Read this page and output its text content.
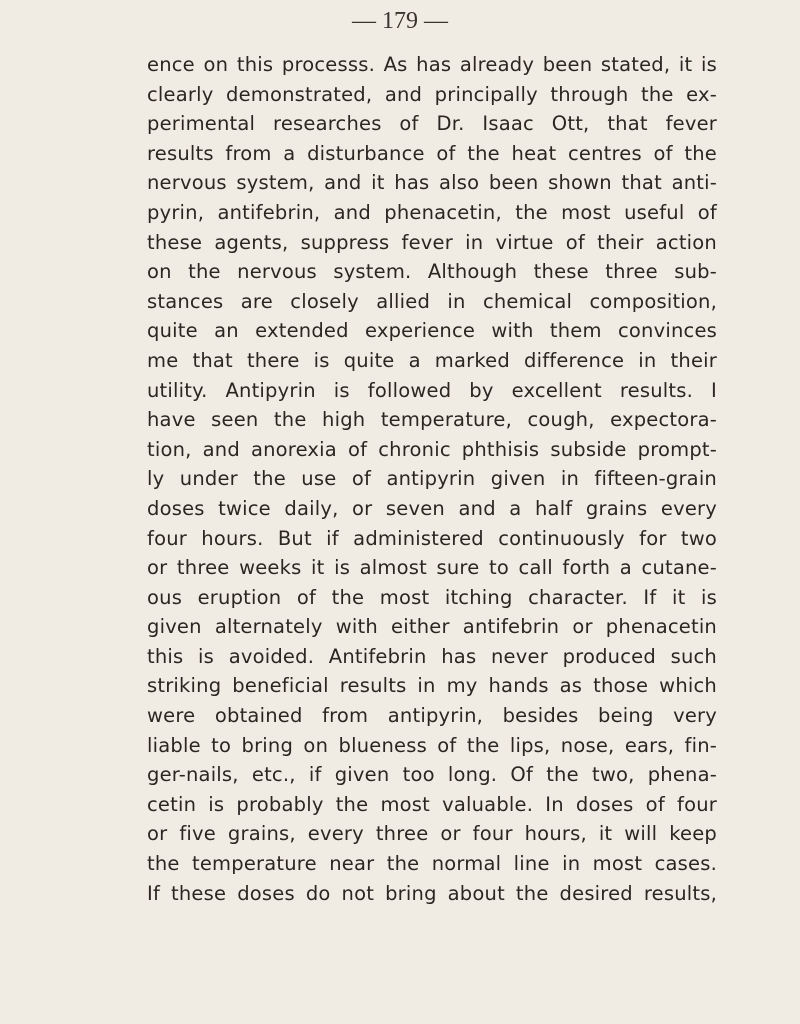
— 179 —
ence on this processs. As has already been stated, it is
clearly demonstrated, and principally through the ex-
perimental researches of Dr. Isaac Ott, that fever
results from a disturbance of the heat centres of the
nervous system, and it has also been shown that anti-
pyrin, antifebrin, and phenacetin, the most useful of
these agents, suppress fever in virtue of their action
on the nervous system. Although these three sub-
stances are closely allied in chemical composition,
quite an extended experience with them convinces
me that there is quite a marked difference in their
utility. Antipyrin is followed by excellent results. I
have seen the high temperature, cough, expectora-
tion, and anorexia of chronic phthisis subside prompt-
ly under the use of antipyrin given in fifteen-grain
doses twice daily, or seven and a half grains every
four hours. But if administered continuously for two
or three weeks it is almost sure to call forth a cutane-
ous eruption of the most itching character. If it is
given alternately with either antifebrin or phenacetin
this is avoided. Antifebrin has never produced such
striking beneficial results in my hands as those which
were obtained from antipyrin, besides being very
liable to bring on blueness of the lips, nose, ears, fin-
ger-nails, etc., if given too long. Of the two, phena-
cetin is probably the most valuable. In doses of four
or five grains, every three or four hours, it will keep
the temperature near the normal line in most cases.
If these doses do not bring about the desired results,
